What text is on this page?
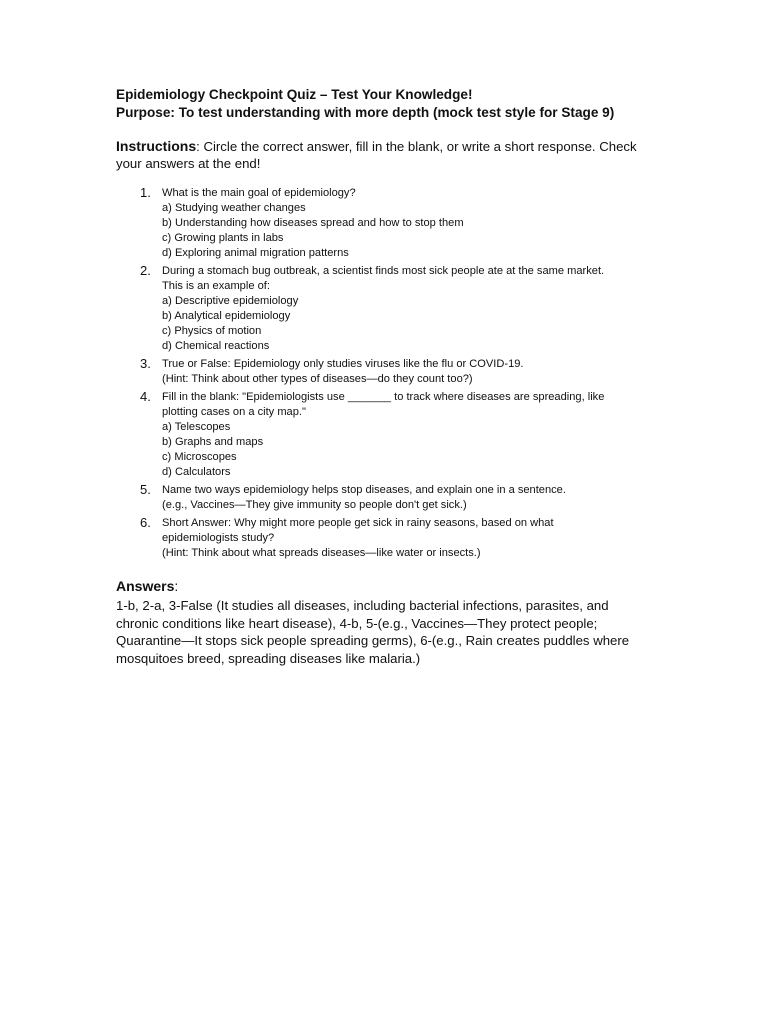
Epidemiology Checkpoint Quiz – Test Your Knowledge!

Purpose: To test understanding with more depth (mock test style for Stage 9)

Instructions: Circle the correct answer, fill in the blank, or write a short response. Check your answers at the end!
1. What is the main goal of epidemiology?
a) Studying weather changes
b) Understanding how diseases spread and how to stop them
c) Growing plants in labs
d) Exploring animal migration patterns
2. During a stomach bug outbreak, a scientist finds most sick people ate at the same market.
This is an example of:
a) Descriptive epidemiology
b) Analytical epidemiology
c) Physics of motion
d) Chemical reactions
3. True or False: Epidemiology only studies viruses like the flu or COVID-19.
(Hint: Think about other types of diseases—do they count too?)
4. Fill in the blank: "Epidemiologists use _______ to track where diseases are spreading, like
plotting cases on a city map."
a) Telescopes
b) Graphs and maps
c) Microscopes
d) Calculators
5. Name two ways epidemiology helps stop diseases, and explain one in a sentence.
(e.g., Vaccines—They give immunity so people don't get sick.)
6. Short Answer: Why might more people get sick in rainy seasons, based on what
epidemiologists study?
(Hint: Think about what spreads diseases—like water or insects.)
Answers:
1-b, 2-a, 3-False (It studies all diseases, including bacterial infections, parasites, and chronic conditions like heart disease), 4-b, 5-(e.g., Vaccines—They protect people; Quarantine—It stops sick people spreading germs), 6-(e.g., Rain creates puddles where mosquitoes breed, spreading diseases like malaria.)
